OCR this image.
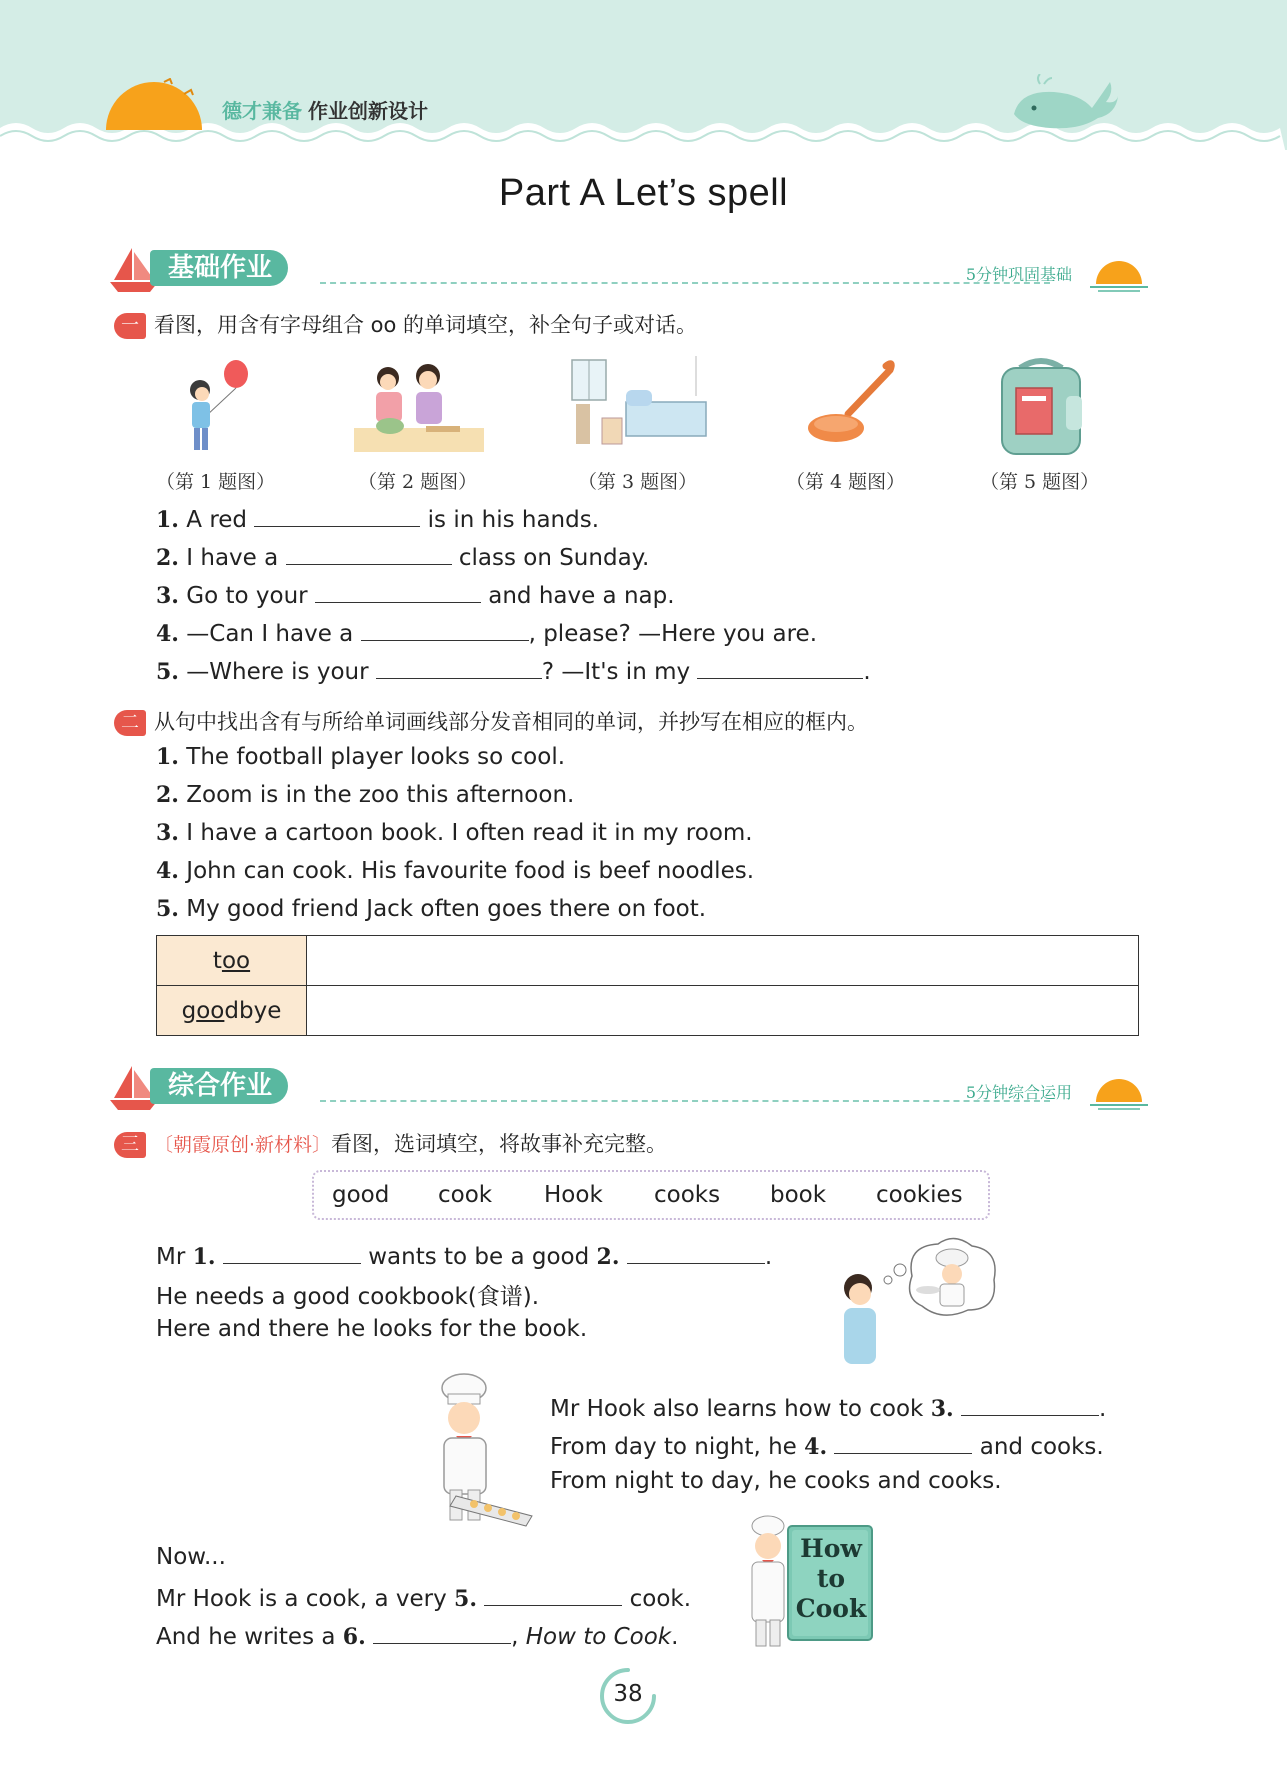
德才兼备 作业创新设计
Part A Let’s spell
基础作业	5分钟巩固基础
一 看图，用含有字母组合 oo 的单词填空，补全句子或对话。
（第 1 题图）	（第 2 题图）	（第 3 题图）	（第 4 题图）	（第 5 题图）
1. A red	is in his hands.
2. I have a	class on Sunday.
3. Go to your	and have a nap.
4. —Can I have a	, please? —Here you are.
5. —Where is your	? —It's in my	.
二 从句中找出含有与所给单词画线部分发音相同的单词，并抄写在相应的框内。
1. The football player looks so cool.
2. Zoom is in the zoo this afternoon.
3. I have a cartoon book. I often read it in my room.
4. John can cook. His favourite food is beef noodles.
5. My good friend Jack often goes there on foot.
too	
goodbye	
综合作业	5分钟综合运用
三 〔朝霞原创·新材料〕看图，选词填空，将故事补充完整。
good cook Hook cooks book cookies
Mr 1.	wants to be a good 2.	.
He needs a good cookbook(食谱).
Here and there he looks for the book.
Mr Hook also learns how to cook 3.	.
From day to night, he 4.	and cooks.
From night to day, he cooks and cooks.
Now...
Mr Hook is a cook, a very 5.	cook.
And he writes a 6.	, How to Cook.
How
to
Cook
38
